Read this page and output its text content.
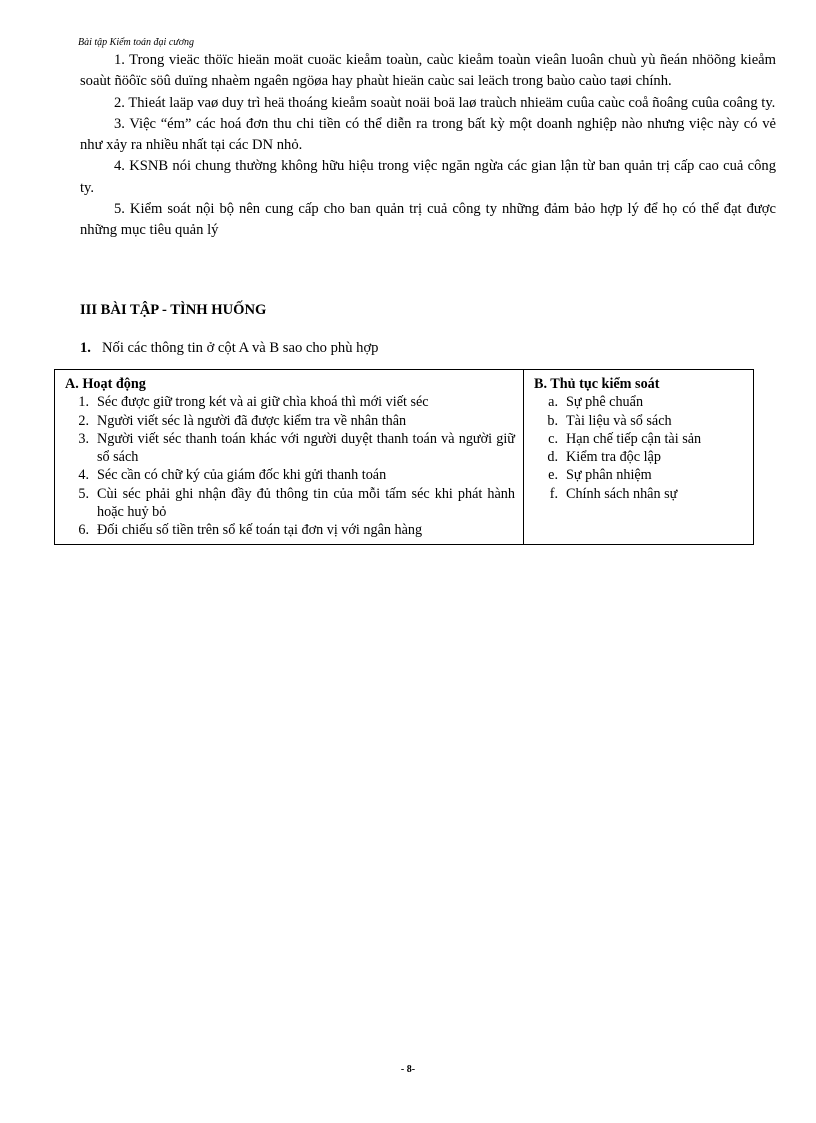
Bài tập Kiểm toán đại cương

1. Trong vieäc thöïc hieän moät cuoäc kieåm toaùn, caùc kieåm toaùn vieân luoân chuù yù ñeán nhöõng kieåm soaùt ñöôïc söû duïng nhaèm ngaên ngöøa hay phaùt hieän caùc sai leäch trong baùo caùo taøi chính.

2. Thieát laäp vaø duy trì heä thoáng kieåm soaùt noäi boä laø traùch nhieäm cuûa caùc coå ñoâng cuûa coâng ty.

3. Việc “ém” các hoá đơn thu chi tiền có thể diễn ra trong bất kỳ một doanh nghiệp nào nhưng việc này có vẻ như xảy ra nhiều nhất tại các DN nhỏ.

4. KSNB nói chung thường không hữu hiệu trong việc ngăn ngừa các gian lận từ ban quản trị cấp cao cuả công ty.

5. Kiểm soát nội bộ nên cung cấp cho ban quản trị cuả công ty những đảm bảo hợp lý để họ có thể đạt được những mục tiêu quản lý

III BÀI TẬP - TÌNH HUỐNG
1. Nối các thông tin ở cột A và B sao cho phù hợp
A. Hoạt động
1. Séc được giữ trong két và ai giữ chìa khoá thì mới viết séc
2. Người viết séc là người đã được kiểm tra về nhân thân
3. Người viết séc thanh toán khác với người duyệt thanh toán và người giữ sổ sách
4. Séc cần có chữ ký của giám đốc khi gửi thanh toán
5. Cùi séc phải ghi nhận đầy đủ thông tin của mỗi tấm séc khi phát hành hoặc huỷ bỏ
6. Đối chiếu số tiền trên sổ kế toán tại đơn vị với ngân hàng

B. Thủ tục kiểm soát
a. Sự phê chuẩn
b. Tài liệu và sổ sách
c. Hạn chế tiếp cận tài sản
d. Kiểm tra độc lập
e. Sự phân nhiệm
f. Chính sách nhân sự
- 8-
